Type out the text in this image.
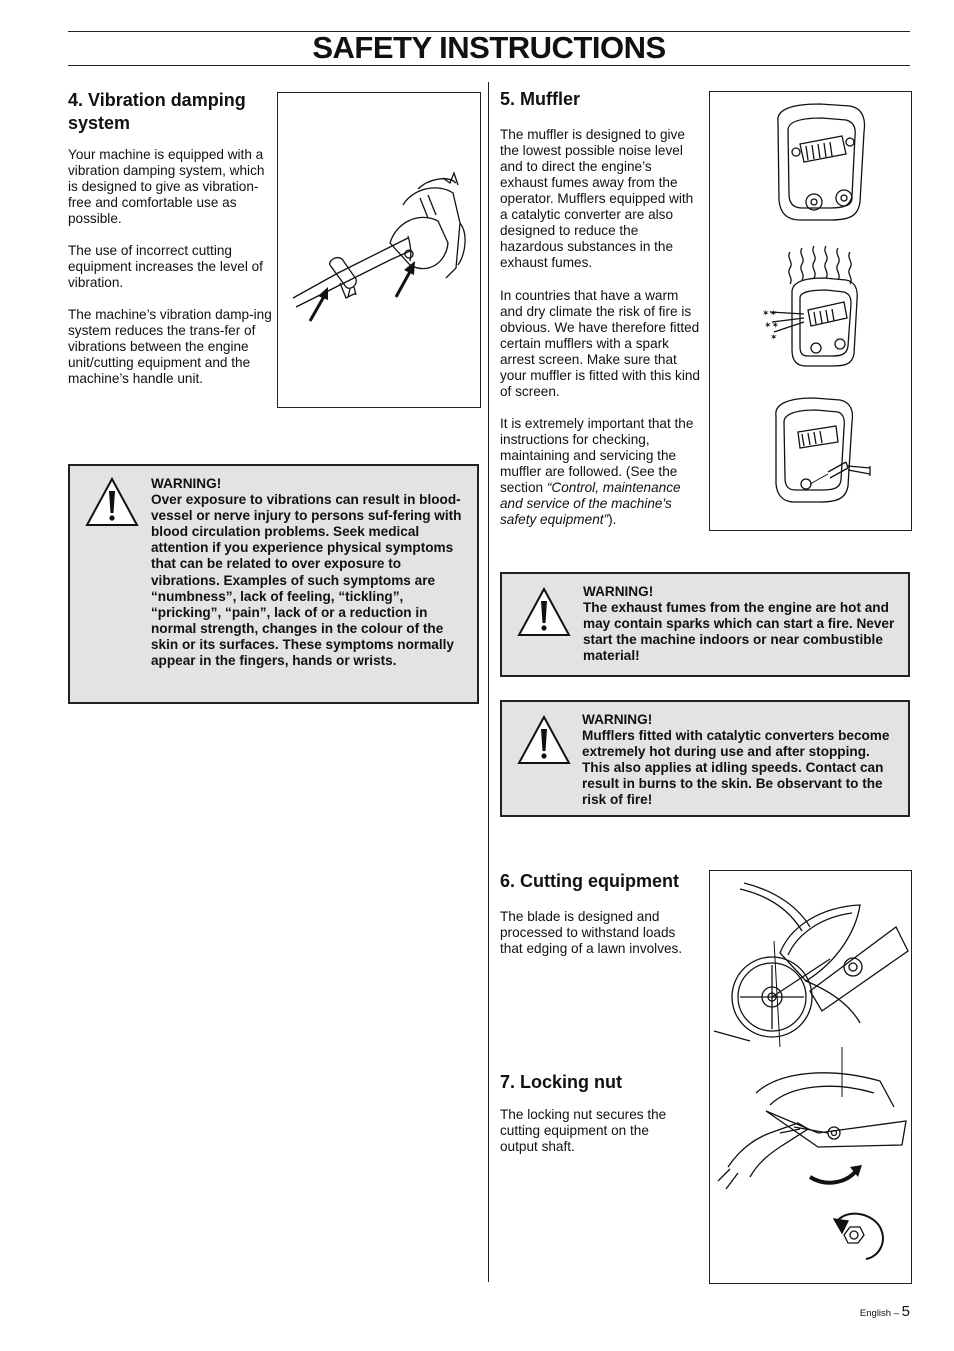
SAFETY INSTRUCTIONS
4. Vibration damping system

Your machine is equipped with a vibration damping system, which is designed to give as vibration-free and comfortable use as possible.

The use of incorrect cutting equipment increases the level of vibration.

The machine’s vibration damp-ing system reduces the trans-fer of vibrations between the engine unit/cutting equipment and the machine’s handle unit.

WARNING!
Over exposure to vibrations can result in blood-vessel or nerve injury to persons suf-fering with blood circulation problems. Seek medical attention if you experience physical symptoms that can be related to over exposure to vibrations. Examples of such symptoms are “numbness”, lack of feeling, “tickling”, “pricking”, “pain”, lack of or a reduction in normal strength, changes in the colour of the skin or its surfaces. These symptoms normally appear in the fingers, hands or wrists.

5. Muffler

The muffler is designed to give the lowest possible noise level and to direct the engine’s exhaust fumes away from the operator. Mufflers equipped with a catalytic converter are also designed to reduce the hazardous substances in the exhaust fumes.

In countries that have a warm and dry climate the risk of fire is obvious. We have therefore fitted certain mufflers with a spark arrest screen. Make sure that your muffler is fitted with this kind of screen.

It is extremely important that the instructions for checking, maintaining and servicing the muffler are followed. (See the section “Control, maintenance and service of the machine's safety equipment”).

✶✶
✶✶
✶

WARNING!
The exhaust fumes from the engine are hot and may contain sparks which can start a fire. Never start the machine indoors or near combustible material!

WARNING!
Mufflers fitted with catalytic converters become extremely hot during use and after stopping. This also applies at idling speeds. Contact can result in burns to the skin. Be observant to the risk of fire!

6. Cutting equipment

The blade is designed and processed to withstand loads that edging of a lawn involves.

7. Locking nut

The locking nut secures the cutting equipment on the output shaft.

English – 5
